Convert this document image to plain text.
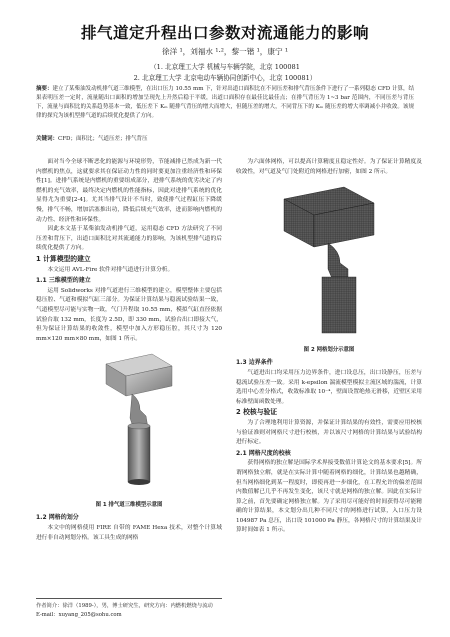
排气道定升程出口参数对流通能力的影响
徐洋 ¹，刘福水 ¹·²，黎一锴 ¹，康宁 ¹
（1. 北京理工大学 机械与车辆学院，北京 100081
2. 北京理工大学 北京电动车辆协同创新中心，北京 100081）
摘要：建立了某柴油发动机排气道三维模型，在出口压力 10.55 mm 下，针对出道口面积比在不同压差和排气背压条件下进行了一系列稳态 CFD 计算，结果表明压差一定时，流量随出口面积的增加呈现先上升然后稳于平缓，出道口面积存在最佳比最佳点；在排气背压为 1~3 bar 范围内，不同压差与背压下，流量与面积比的关系趋势基本一致，低压差下 Kₘ 随排气背压的增大而增大，但随压差的增大，不同背压下的 Kₘ 随压差的增大率调减小并收敛。该规律的探究为该机型排气道的后续优化提供了方向。
关键词：CFD；面积比；气道压差；排气背压

面对当今全球不断恶化的能源与环境形势，节能减排已然成为新一代内燃机的焦点，这就要求其在保证动力性的同时要更加注重经济性和环保性[1]。进排气系统是内燃机的重要组成部分，进排气系统的优劣决定了内燃机的充气效率，最终决定内燃机的性能指标，因此对进排气系统的优化显得尤为重要[2-4]。尤其当排气设计不当时，致使排气过程缸压下降缓慢，排气不畅，增加活塞推出功，降低后续充气效率，进而影响内燃机的动力性、经济性和环保性。

因此本文基于某柴油发动机排气道，运用稳态 CFD 方法研究了不同压差和背压下，出道口面积比对其流通能力的影响，为该机型排气道的后续优化提供了方向。

1 计算模型的建立

本文运用 AVL-Fire 软件对排气道进行计算分析。

1.1 三维模型的建立

运用 Solidworks 对排气道进行三维模型的建立，模型整体主要包括稳压腔、气道和模拟气缸三部分。为保证计算结果与稳流试验结果一致，气道模型尽可能与实物一致，气门升程取 10.55 mm，模拟气缸直径依据试验台取 132 mm，长度为 2.5D，即 330 mm，试验台出口即接大气，但为保证计算结果的收敛性，模型中加入方形稳压腔，其尺寸为 120 mm×120 mm×80 mm，如图 1 所示。

图 1 排气道三维模型示意图
1.2 网格的划分

本文中的网格使用 FIRE 自带的 FAME Hexa 技术，对整个计算域进行非自动网划分格。该工具生成的网格

为六面体网格，可以提高计算精度且稳定性好。为了保证计算精度及收敛性，对气道及气门处附近的网格进行加密，如图 2 所示。

图 2 网格划分示意图
1.3 边界条件

气道进出口均采用压力边界条件，进口设总压，出口设静压，压差与稳流试验压差一致。采用 k-epsilon 湍流模型模拟主流区域的湍流，计算选用中心差分格式，收敛标准取 10⁻⁴，壁面设置绝热无滑移，近壁区采用标准壁面函数处理。

2 校核与验证

为了合理地利用计算资源，并保证计算结果的有效性，需要应用校核与验证准则对网格尺寸进行校核，并以该尺寸网格的计算结果与试验结构进行标定。

2.1 网格尺度的校核

获得网格的独立解是国际学术界接受数值计算论文的基本要求[5]。所谓网格独立解，就是在实际计算中随着网格的细化，计算结果也越精确，但当网格细化到某一程度时，即使再进一步细化，在工程允许的偏差范围内数值解已几乎不再发生变化，该尺寸就是网格的独立解。因此在实际计算之前，首先要确定网格独立解。为了采用尽可能好的时间获得尽可能精确的计算结果，本文划分出几种不同尺寸的网格进行试算，入口压力设 104987 Pa 总压，出口设 101000 Pa 静压，各网格尺寸的计算结果及计算时间如表 1 所示。

作者简介：徐洋（1989-），男，博士研究生，研究方向：内燃机燃烧与流动
E-mail：xuyang_205@sohu.com
